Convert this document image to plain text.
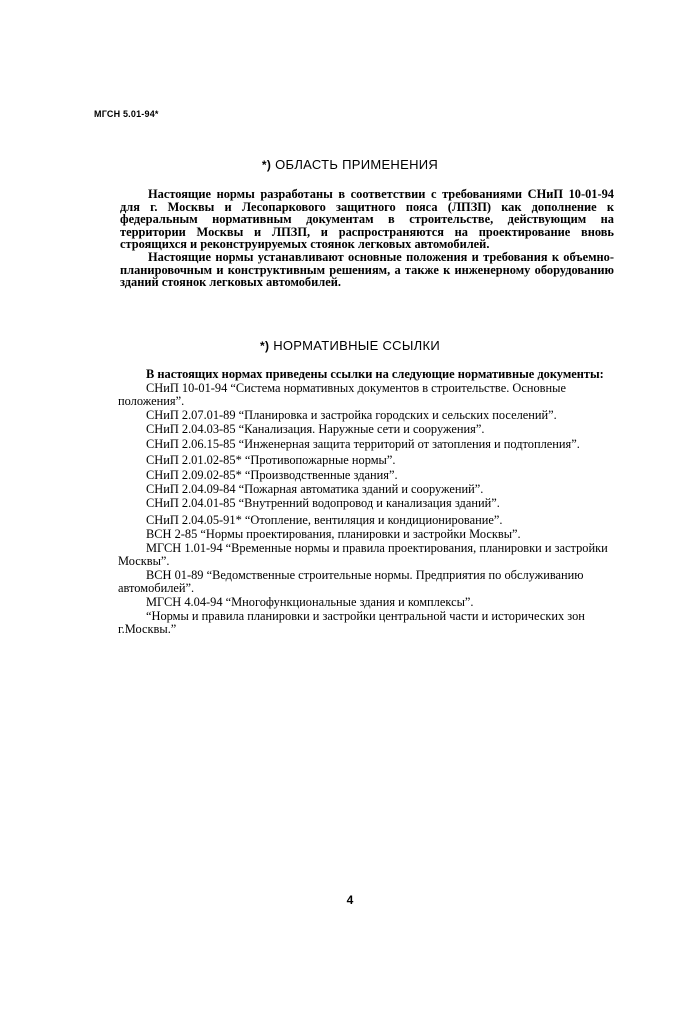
МГСН 5.01-94*
*) ОБЛАСТЬ ПРИМЕНЕНИЯ

Настоящие нормы разработаны в соответствии с требованиями СНиП 10-01-94 для г. Москвы и Лесопаркового защитного пояса (ЛПЗП) как дополнение к федеральным нормативным документам в строительстве, действующим на территории Москвы и ЛПЗП, и распространяются на проектирование вновь строящихся и реконструируемых стоянок легковых автомобилей.

Настоящие нормы устанавливают основные положения и требования к объемно-планировочным и конструктивным решениям, а также к инженерному оборудованию зданий стоянок легковых автомобилей.

*) НОРМАТИВНЫЕ ССЫЛКИ

В настоящих нормах приведены ссылки на следующие нормативные документы:

СНиП 10-01-94 “Система нормативных документов в строительстве. Основные положения”.

СНиП 2.07.01-89 “Планировка и застройка городских и сельских поселений”.

СНиП 2.04.03-85 “Канализация. Наружные сети и сооружения”.

СНиП 2.06.15-85 “Инженерная защита территорий от затопления и подтопления”.

СНиП 2.01.02-85* “Противопожарные нормы”.

СНиП 2.09.02-85* “Производственные здания”.

СНиП 2.04.09-84 “Пожарная автоматика зданий и сооружений”.

СНиП 2.04.01-85 “Внутренний водопровод и канализация зданий”.

СНиП 2.04.05-91* “Отопление, вентиляция и кондиционирование”.

ВСН 2-85 “Нормы проектирования, планировки и застройки Москвы”.

МГСН 1.01-94 “Временные нормы и правила проектирования, планировки и застройки Москвы”.

ВСН 01-89 “Ведомственные строительные нормы. Предприятия по обслуживанию автомобилей”.

МГСН 4.04-94 “Многофункциональные здания и комплексы”.

“Нормы и правила планировки и застройки центральной части и исторических зон г.Москвы.”

4
